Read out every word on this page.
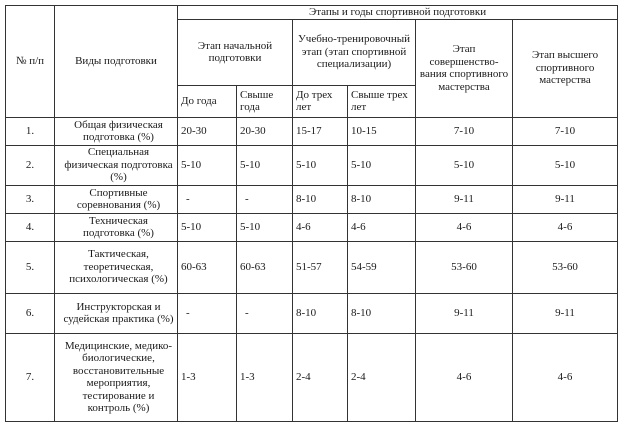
№ п/п	Виды подготовки	Этапы и годы спортивной подготовки					
		Этап начальной подготовки		Учебно-тренировочный этап (этап спортивной специализации)		Этап совершенство-вания спортивного мастерства	Этап высшего спортивного мастерства
		До года	Свыше года	До трех лет	Свыше трех лет		
1.	Общая физическая подготовка (%)	20-30	20-30	15-17	10-15	7-10	7-10
2.	Специальная физическая подготовка (%)	5-10	5-10	5-10	5-10	5-10	5-10
3.	Спортивные соревнования (%)	-	-	8-10	8-10	9-11	9-11
4.	Техническая подготовка (%)	5-10	5-10	4-6	4-6	4-6	4-6
5.	Тактическая, теоретическая, психологическая (%)	60-63	60-63	51-57	54-59	53-60	53-60
6.	Инструкторская и судейская практика (%)	-	-	8-10	8-10	9-11	9-11
7.	Медицинские, медико-биологические, восстановительные мероприятия, тестирование и контроль (%)	1-3	1-3	2-4	2-4	4-6	4-6
